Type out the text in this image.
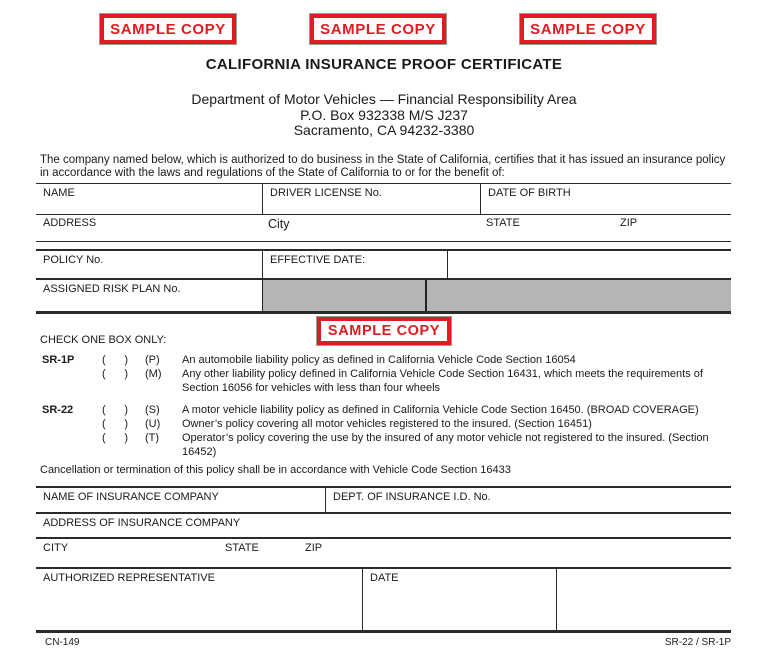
SAMPLE COPY	SAMPLE COPY	SAMPLE COPY
CALIFORNIA INSURANCE PROOF CERTIFICATE
Department of Motor Vehicles — Financial Responsibility Area
P.O. Box 932338 M/S J237
Sacramento, CA 94232-3380
The company named below, which is authorized to do business in the State of California, certifies that it has issued an insurance policy in accordance with the laws and regulations of the State of California to or for the benefit of:
NAME	DRIVER LICENSE No.	DATE OF BIRTH
ADDRESS	City	STATE	ZIP
POLICY No.	EFFECTIVE DATE:
ASSIGNED RISK PLAN No.
CHECK ONE BOX ONLY:
SAMPLE COPY
SR-1P	( ) (P)	An automobile liability policy as defined in California Vehicle Code Section 16054
( ) (M)	Any other liability policy defined in California Vehicle Code Section 16431, which meets the requirements of Section 16056 for vehicles with less than four wheels
SR-22	( ) (S)	A motor vehicle liability policy as defined in California Vehicle Code Section 16450. (BROAD COVERAGE)
( ) (U)	Owner’s policy covering all motor vehicles registered to the insured. (Section 16451)
( ) (T)	Operator’s policy covering the use by the insured of any motor vehicle not registered to the insured. (Section 16452)
Cancellation or termination of this policy shall be in accordance with Vehicle Code Section 16433
NAME OF INSURANCE COMPANY	DEPT. OF INSURANCE I.D. No.
ADDRESS OF INSURANCE COMPANY
CITY	STATE	ZIP
AUTHORIZED REPRESENTATIVE	DATE
CN-149	SR-22 / SR-1P
